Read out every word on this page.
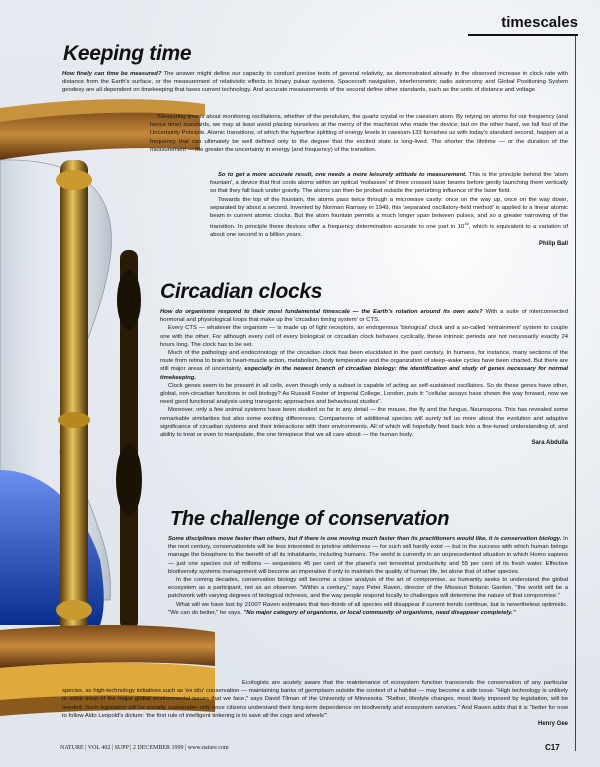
timescales
Keeping time

How finely can time be measured? The answer might define our capacity to conduct precise tests of general relativity, as demonstrated already in the observed increase in clock rate with distance from the Earth's surface, or the measurement of relativistic effects in binary pulsar systems. Spacecraft navigation, interferometric radio astronomy and Global Positioning System geodesy are all dependent on timekeeping that taxes current technology. And accurate measurements of the second define other standards, such as the units of distance and voltage.

Measuring time is about monitoring oscillations, whether of the pendulum, the quartz crystal or the caesium atom. By relying on atoms for our frequency (and hence time) standards, we may at least avoid placing ourselves at the mercy of the machinist who made the device; but on the other hand, we fall foul of the Uncertainty Principle. Atomic transitions, of which the hyperfine splitting of energy levels in caesium-133 furnishes us with today's standard second, happen at a frequency that can ultimately be well defined only to the degree that the excited state is long-lived. The shorter the lifetime — or the duration of the measurement — the greater the uncertainty in energy (and frequency) of the transition.

So to get a more accurate result, one needs a more leisurely attitude to measurement. This is the principle behind the 'atom fountain', a device that first cools atoms within an optical 'molasses' of three crossed laser beams before gently launching them vertically so that they fall back under gravity. The atoms can then be probed outside the perturbing influence of the laser field.

Towards the top of the fountain, the atoms pass twice through a microwave cavity: once on the way up, once on the way down, separated by about a second. Invented by Norman Ramsey in 1949, this 'separated oscillatory-field method' is applied to a linear atomic beam in current atomic clocks. But the atom fountain permits a much longer span between pulses, and so a greater narrowing of the transition. In principle these devices offer a frequency determination accurate to one part in $10^{16}$, which is equivalent to a variation of about one second in a billion years.

Philip Ball
Circadian clocks

How do organisms respond to their most fundamental timescale — the Earth's rotation around its own axis? With a suite of interconnected hormonal and physiological loops that make up the 'circadian timing system' or CTS.

Every CTS — whatever the organism — is made up of light receptors, an endogenous 'biological' clock and a so-called 'entrainment' system to couple one with the other. For although every cell of every biological or circadian clock behaves cyclically, these intrinsic periods are not necessarily exactly 24 hours long. The clock has to be set.

Much of the pathology and endocrinology of the circadian clock has been elucidated in the past century. In humans, for instance, many sections of the route from retina to brain to heart-muscle action, metabolism, body temperature and the organization of sleep–wake cycles have been charted. But there are still major areas of uncertainty, especially in the newest branch of circadian biology: the identification and study of genes necessary for normal timekeeping.

Clock genes seem to be present in all cells, even though only a subset is capable of acting as self-sustained oscillators. So do these genes have other, global, non-circadian functions in cell biology? As Russell Foster of Imperial College, London, puts it: "cellular assays have shown the way forward, now we need good functional analysis using transgenic approaches and behavioural studies".

Moreover, only a few animal systems have been studied so far in any detail — the mouse, the fly and the fungus, Neurospora. This has revealed some remarkable similarities but also some exciting differences. Comparisons of additional species will surely tell us more about the evolution and adaptive significance of circadian systems and their interactions with their environments. All of which will hopefully feed back into a fine-tuned understanding of, and ability to treat or even to manipulate, the one timepiece that we all care about — the human body.

Sara Abdulla
The challenge of conservation

Some disciplines move faster than others, but if there is one moving much faster than its practitioners would like, it is conservation biology. In the next century, conservationists will be less interested in pristine wilderness — for such will hardly exist — but in the success with which human beings manage the biosphere to the benefit of all its inhabitants, including humans. The world is currently in an unprecedented situation in which Homo sapiens — just one species out of millions — sequesters 45 per cent of the planet's net terrestrial productivity and 55 per cent of its fresh water. Effective biodiversity systems management will become an imperative if only to maintain the quality of human life, let alone that of other species.

In the coming decades, conservation biology will become a close analysis of the art of compromise, as humanity seeks to understand the global ecosystem as a participant, not as an observer. "Within a century," says Peter Raven, director of the Missouri Botanic Garden, "the world will be a patchwork with varying degrees of biological richness, and the way people respond locally to challenges will determine the nature of that compromise."

What will we have lost by 2100? Raven estimates that two-thirds of all species will disappear if current trends continue, but is nevertheless optimistic. "We can do better," he says. "No major category of organisms, or local community of organisms, need disappear completely."

Ecologists are acutely aware that the maintenance of ecosystem function transcends the conservation of any particular species, so high-technology initiatives such as 'ex situ' conservation — maintaining banks of germplasm outside the context of a habitat — may become a side issue. "High technology is unlikely to solve most of the major global environmental issues that we face," says David Tilman of the University of Minnesota. "Rather, lifestyle changes, most likely imposed by legislation, will be needed. Such legislation will be socially sustainable only once citizens understand their long-term dependence on biodiversity and ecosystem services." And Raven adds that it is "better for now to follow Aldo Leopold's dictum: 'the first rule of intelligent tinkering is to save all the cogs and wheels'".

Henry Gee
NATURE | VOL 402 | SUPP | 2 DECEMBER 1999 | www.nature.com	C17
